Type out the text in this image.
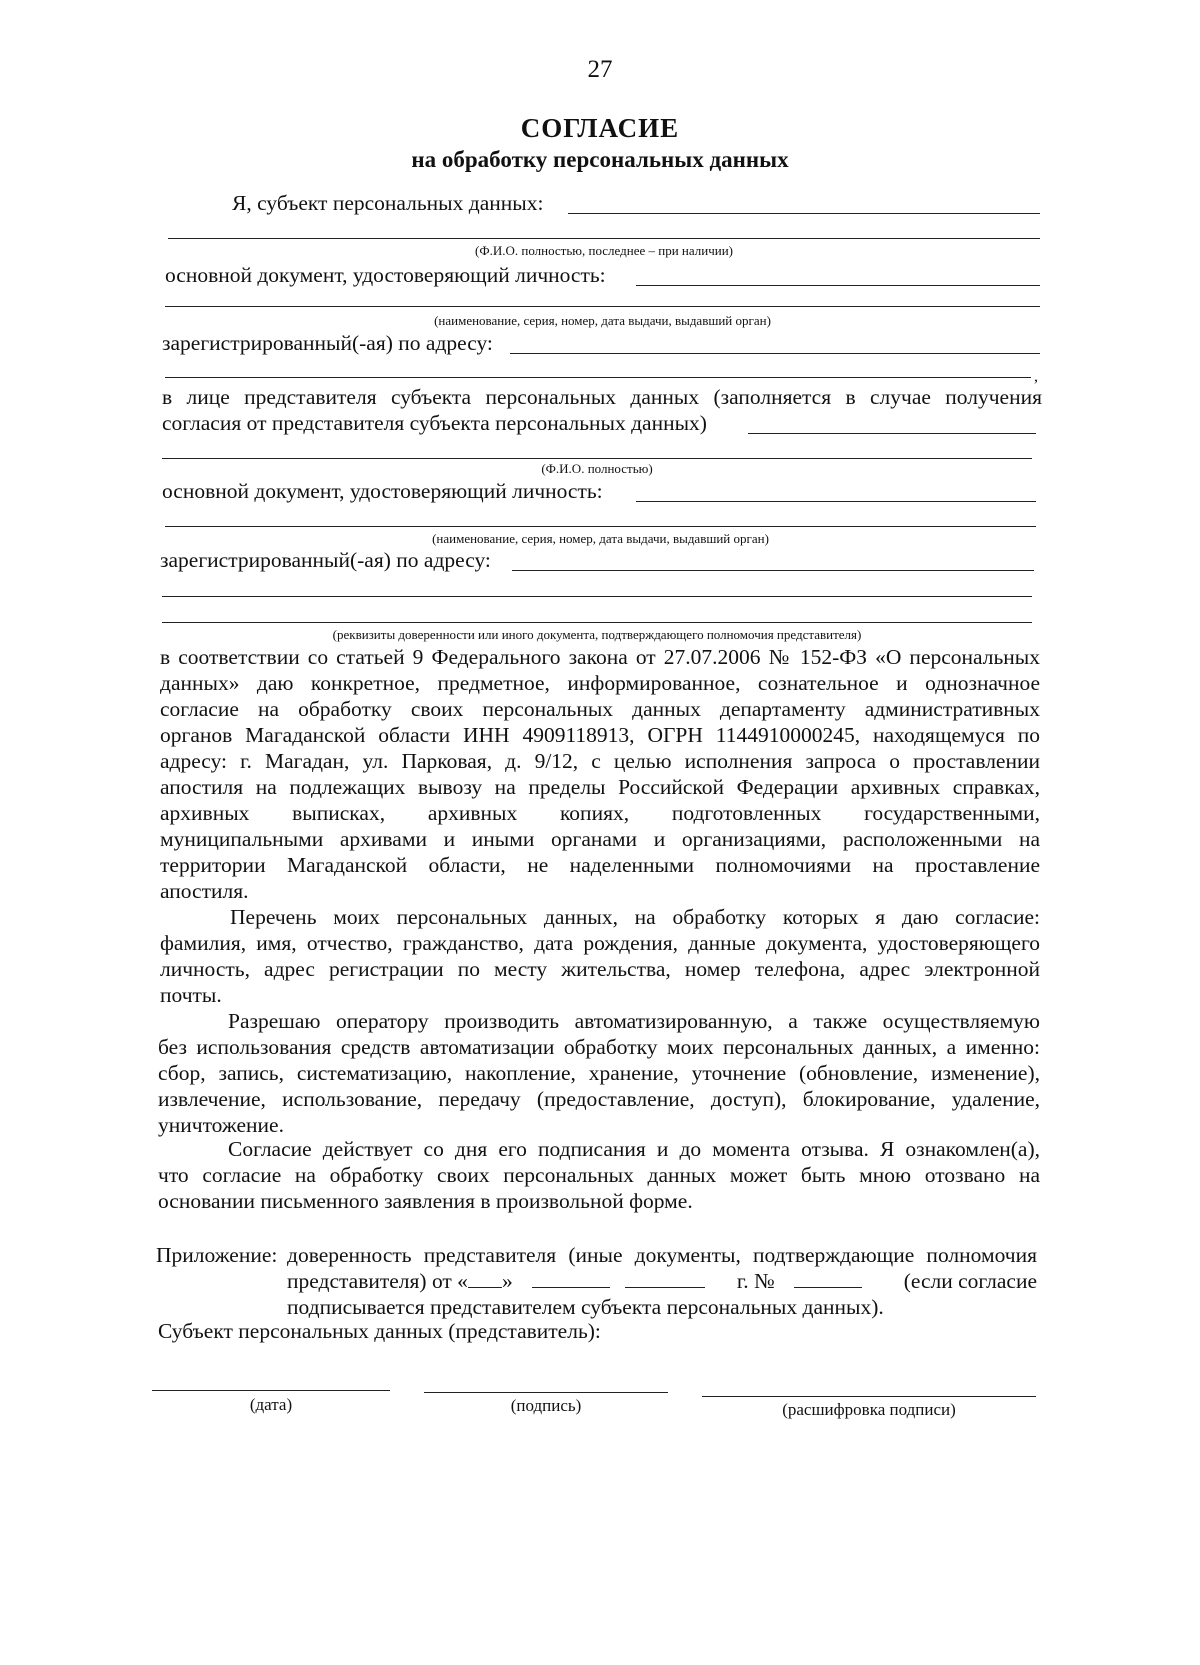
27
СОГЛАСИЕ
на обработку персональных данных
Я, субъект персональных данных:
(Ф.И.О. полностью, последнее – при наличии)
основной документ, удостоверяющий личность:
(наименование, серия, номер, дата выдачи, выдавший орган)
зарегистрированный(-ая) по адресу:
,
в лице представителя субъекта персональных данных (заполняется в случае получения
согласия от представителя субъекта персональных данных)
(Ф.И.О. полностью)
основной документ, удостоверяющий личность:
(наименование, серия, номер, дата выдачи, выдавший орган)
зарегистрированный(-ая) по адресу:
(реквизиты доверенности или иного документа, подтверждающего полномочия представителя)
в соответствии со статьей 9 Федерального закона от 27.07.2006 № 152-ФЗ «О персональных
данных» даю конкретное, предметное, информированное, сознательное и однозначное
согласие на обработку своих персональных данных департаменту административных
органов Магаданской области ИНН 4909118913, ОГРН 1144910000245, находящемуся по
адресу: г. Магадан, ул. Парковая, д. 9/12, с целью исполнения запроса о проставлении
апостиля на подлежащих вывозу на пределы Российской Федерации архивных справках,
архивных выписках, архивных копиях, подготовленных государственными,
муниципальными архивами и иными органами и организациями, расположенными на
территории Магаданской области, не наделенными полномочиями на проставление
апостиля.
Перечень моих персональных данных, на обработку которых я даю согласие:
фамилия, имя, отчество, гражданство, дата рождения, данные документа, удостоверяющего
личность, адрес регистрации по месту жительства, номер телефона, адрес электронной
почты.
Разрешаю оператору производить автоматизированную, а также осуществляемую
без использования средств автоматизации обработку моих персональных данных, а именно:
сбор, запись, систематизацию, накопление, хранение, уточнение (обновление, изменение),
извлечение, использование, передачу (предоставление, доступ), блокирование, удаление,
уничтожение.
Согласие действует со дня его подписания и до момента отзыва. Я ознакомлен(а),
что согласие на обработку своих персональных данных может быть мною отозвано на
основании письменного заявления в произвольной форме.
Приложение: доверенность представителя (иные документы, подтверждающие полномочия
представителя) от « »	г. №	(если согласие
подписывается представителем субъекта персональных данных).
Субъект персональных данных (представитель):
(дата)	(подпись)	(расшифровка подписи)
